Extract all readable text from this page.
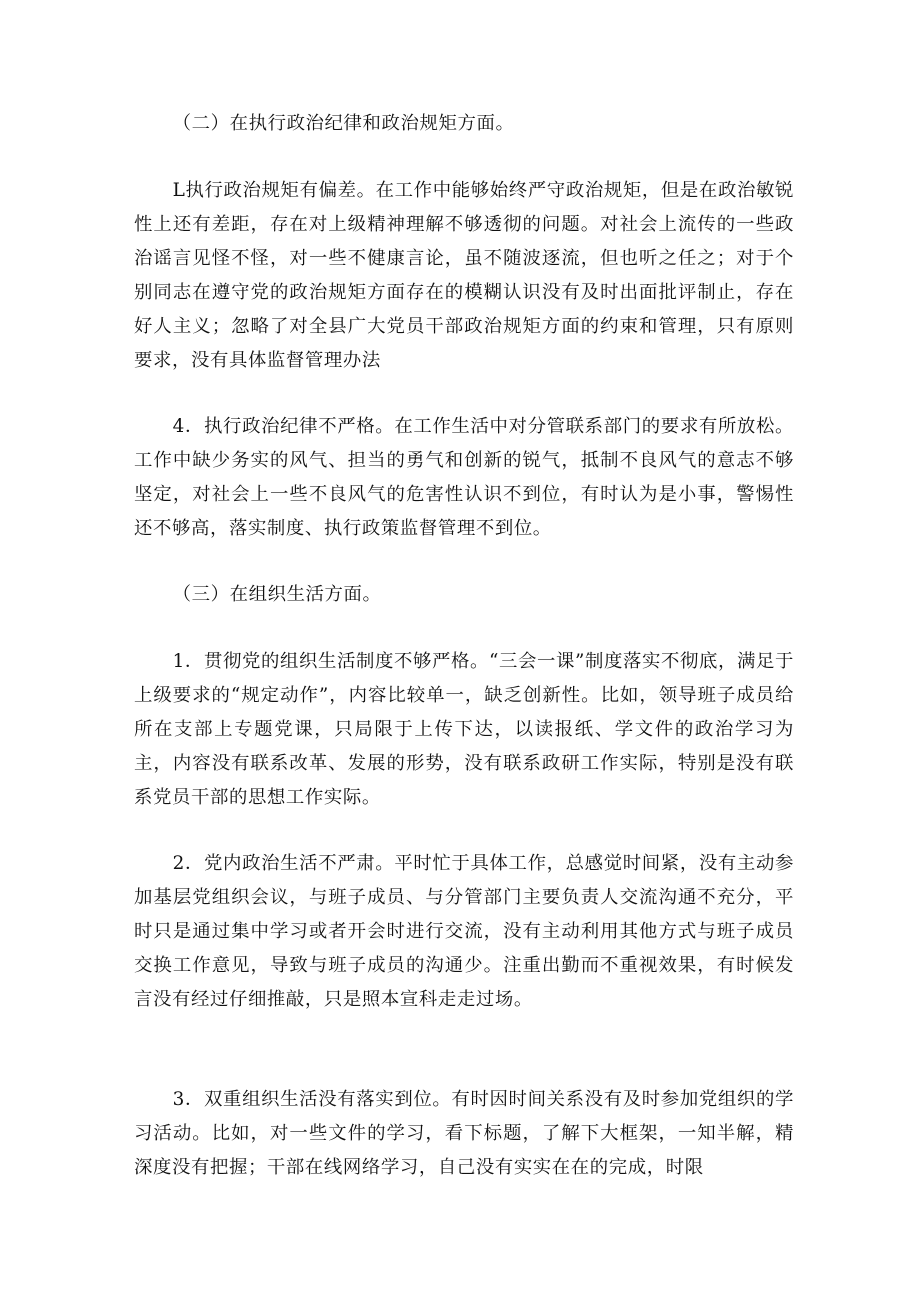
（二）在执行政治纪律和政治规矩方面。

L执行政治规矩有偏差。在工作中能够始终严守政治规矩，但是在政治敏锐性上还有差距，存在对上级精神理解不够透彻的问题。对社会上流传的一些政治谣言见怪不怪，对一些不健康言论，虽不随波逐流，但也听之任之；对于个别同志在遵守党的政治规矩方面存在的模糊认识没有及时出面批评制止，存在好人主义；忽略了对全县广大党员干部政治规矩方面的约束和管理，只有原则要求，没有具体监督管理办法

4．执行政治纪律不严格。在工作生活中对分管联系部门的要求有所放松。工作中缺少务实的风气、担当的勇气和创新的锐气，抵制不良风气的意志不够坚定，对社会上一些不良风气的危害性认识不到位，有时认为是小事，警惕性还不够高，落实制度、执行政策监督管理不到位。

（三）在组织生活方面。

1．贯彻党的组织生活制度不够严格。“三会一课”制度落实不彻底，满足于上级要求的“规定动作”，内容比较单一，缺乏创新性。比如，领导班子成员给所在支部上专题党课，只局限于上传下达，以读报纸、学文件的政治学习为主，内容没有联系改革、发展的形势，没有联系政研工作实际，特别是没有联系党员干部的思想工作实际。

2．党内政治生活不严肃。平时忙于具体工作，总感觉时间紧，没有主动参加基层党组织会议，与班子成员、与分管部门主要负责人交流沟通不充分，平时只是通过集中学习或者开会时进行交流，没有主动利用其他方式与班子成员交换工作意见，导致与班子成员的沟通少。注重出勤而不重视效果，有时候发言没有经过仔细推敲，只是照本宣科走走过场。

3．双重组织生活没有落实到位。有时因时间关系没有及时参加党组织的学习活动。比如，对一些文件的学习，看下标题，了解下大框架，一知半解，精深度没有把握；干部在线网络学习，自己没有实实在在的完成，时限
